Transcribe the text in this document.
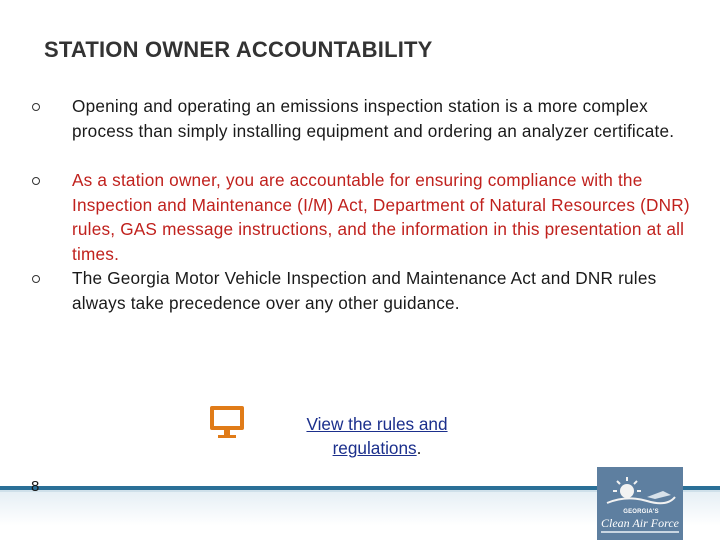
STATION OWNER ACCOUNTABILITY
Opening and operating an emissions inspection station is a more complex process than simply installing equipment and ordering an analyzer certificate.
As a station owner, you are accountable for ensuring compliance with the Inspection and Maintenance (I/M) Act, Department of Natural Resources (DNR) rules, GAS message instructions, and the information in this presentation at all times.
The Georgia Motor Vehicle Inspection and Maintenance Act and DNR rules always take precedence over any other guidance.
View the rules and regulations.
8
GEORGIA'S
Clean Air Force
